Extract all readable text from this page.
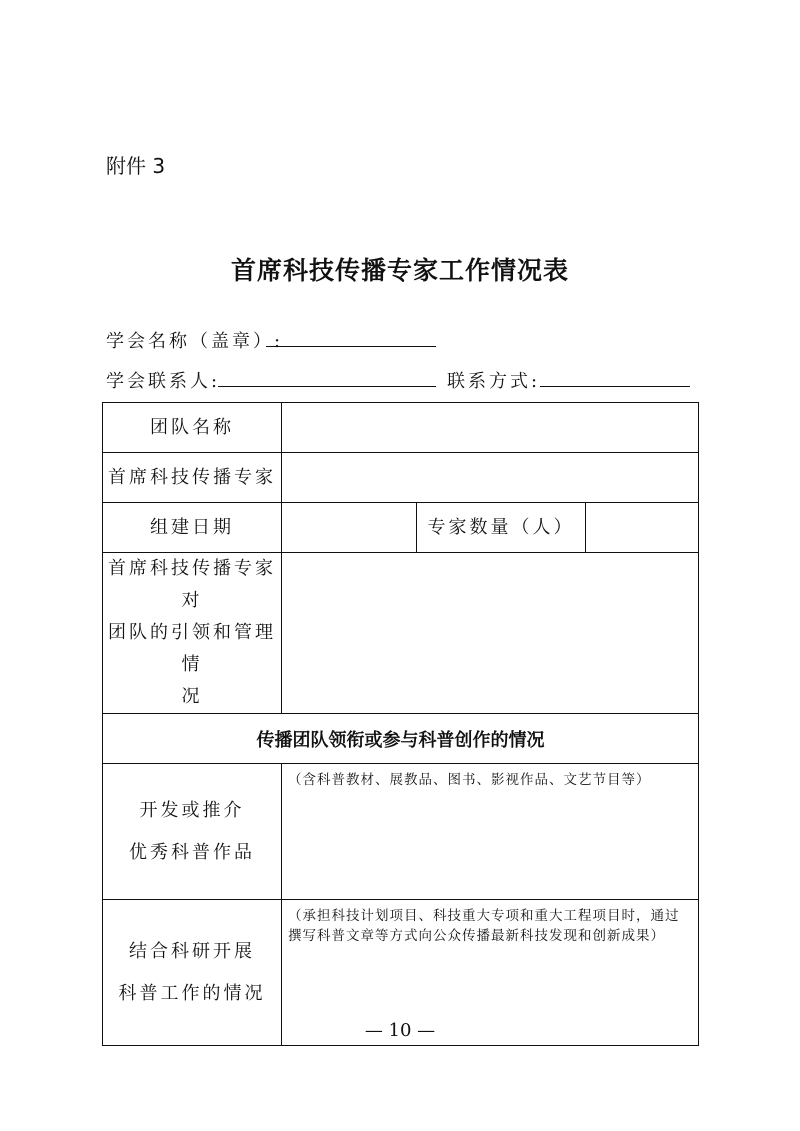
附件 3
首席科技传播专家工作情况表
学会名称（盖章）:
学会联系人:	联系方式:
团队名称			
首席科技传播专家			
组建日期		专家数量（人）	

首席科技传播专家对
团队的引领和管理情
况			

传播团队领衔或参与科普创作的情况			

开发或推介
优秀科普作品	（含科普教材、展教品、图书、影视作品、文艺节目等）		

结合科研开展
科普工作的情况	（承担科技计划项目、科技重大专项和重大工程项目时，通过撰写科普文章等方式向公众传播最新科技发现和创新成果）		
— 10 —
